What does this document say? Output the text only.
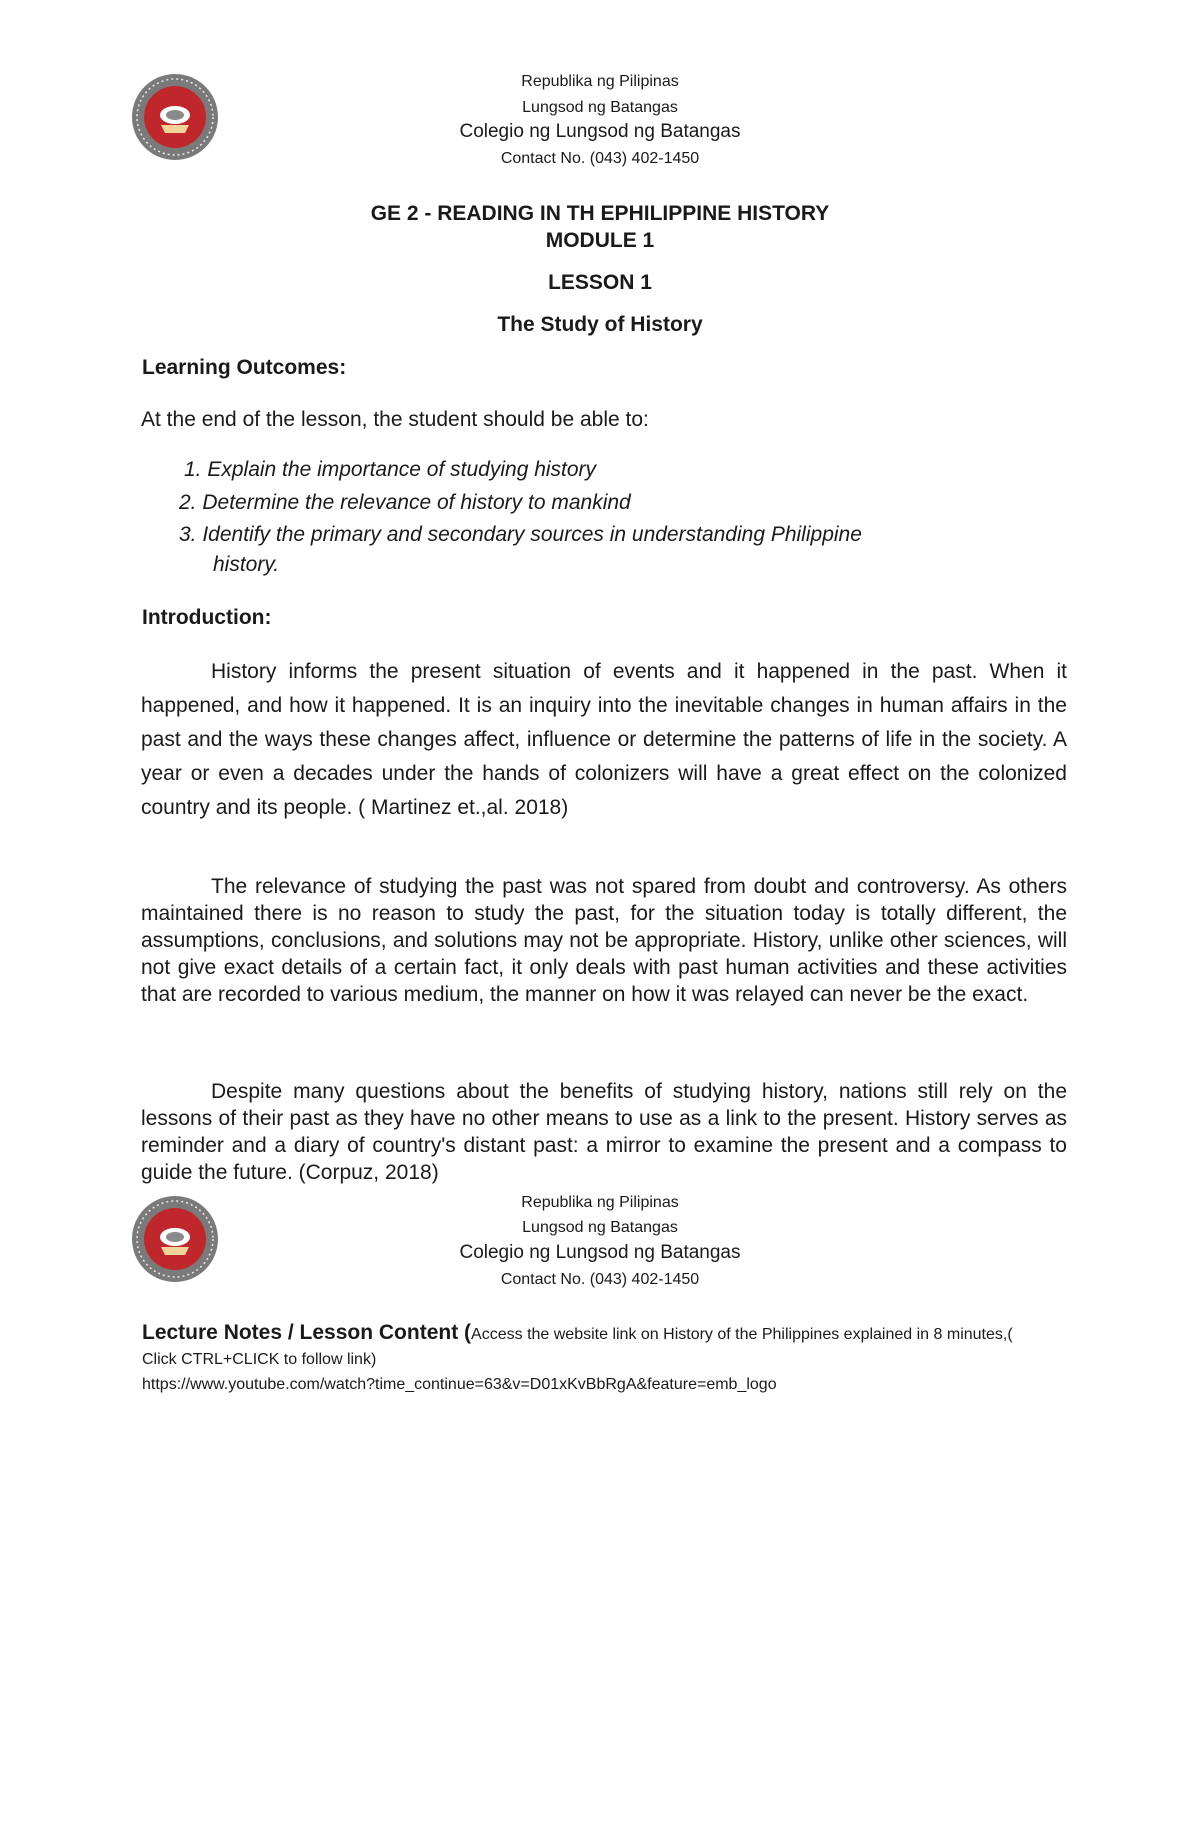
Republika ng Pilipinas
Lungsod ng Batangas
Colegio ng Lungsod ng Batangas
Contact No. (043) 402-1450
GE 2 - READING IN TH EPHILIPPINE HISTORY
MODULE 1
LESSON 1
The Study of History
Learning Outcomes:
At the end of the lesson, the student should be able to:
1. Explain the importance of studying history
2. Determine the relevance of history to mankind
3. Identify the primary and secondary sources in understanding Philippine
history.
Introduction:
History informs the present situation of events and it happened in the past. When it happened, and how it happened. It is an inquiry into the inevitable changes in human affairs in the past and the ways these changes affect, influence or determine the patterns of life in the society. A year or even a decades under the hands of colonizers will have a great effect on the colonized country and its people. ( Martinez et.,al. 2018)
The relevance of studying the past was not spared from doubt and controversy. As others maintained there is no reason to study the past, for the situation today is totally different, the assumptions, conclusions, and solutions may not be appropriate. History, unlike other sciences, will not give exact details of a certain fact, it only deals with past human activities and these activities that are recorded to various medium, the manner on how it was relayed can never be the exact.
Despite many questions about the benefits of studying history, nations still rely on the lessons of their past as they have no other means to use as a link to the present. History serves as reminder and a diary of country's distant past: a mirror to examine the present and a compass to guide the future. (Corpuz, 2018)
Republika ng Pilipinas
Lungsod ng Batangas
Colegio ng Lungsod ng Batangas
Contact No. (043) 402-1450
Lecture Notes / Lesson Content (Access the website link on History of the Philippines explained in 8 minutes,( Click CTRL+CLICK to follow link)
https://www.youtube.com/watch?time_continue=63&v=D01xKvBbRgA&feature=emb_logo
